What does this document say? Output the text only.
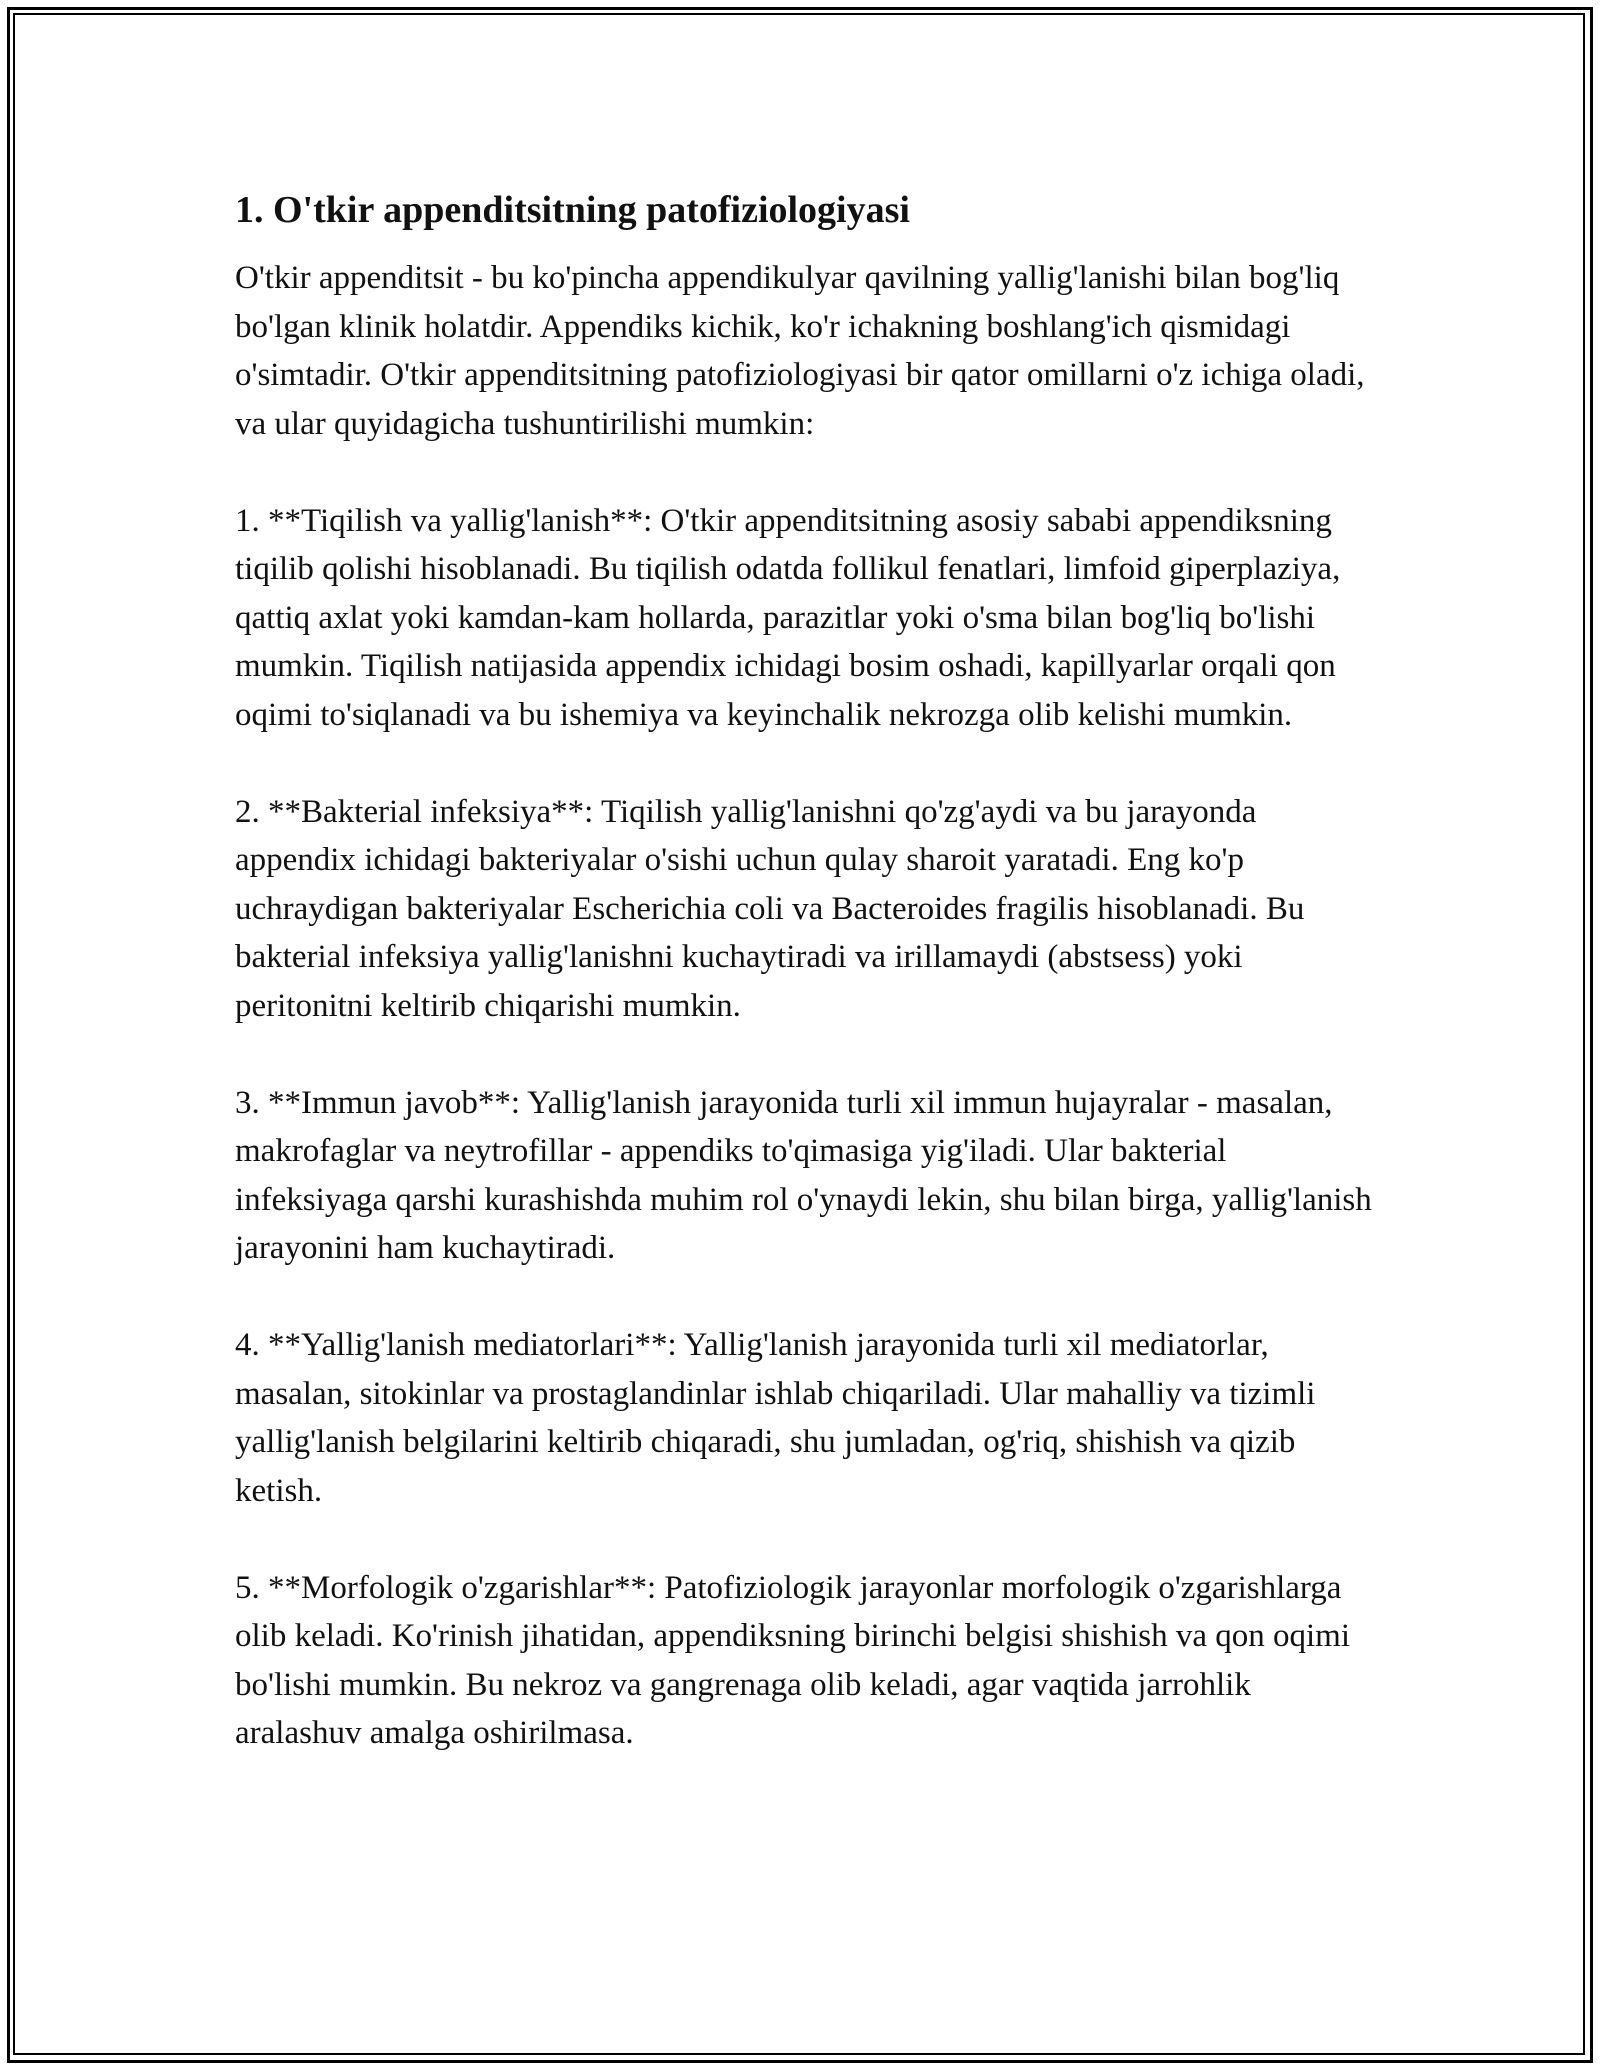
1. O'tkir appenditsitning patofiziologiyasi

O'tkir appenditsit - bu ko'pincha appendikulyar qavilning yallig'lanishi bilan bog'liq bo'lgan klinik holatdir. Appendiks kichik, ko'r ichakning boshlang'ich qismidagi o'simtadir. O'tkir appenditsitning patofiziologiyasi bir qator omillarni o'z ichiga oladi, va ular quyidagicha tushuntirilishi mumkin:

1. **Tiqilish va yallig'lanish**: O'tkir appenditsitning asosiy sababi appendiksning tiqilib qolishi hisoblanadi. Bu tiqilish odatda follikul fenatlari, limfoid giperplaziya, qattiq axlat yoki kamdan-kam hollarda, parazitlar yoki o'sma bilan bog'liq bo'lishi mumkin. Tiqilish natijasida appendix ichidagi bosim oshadi, kapillyarlar orqali qon oqimi to'siqlanadi va bu ishemiya va keyinchalik nekrozga olib kelishi mumkin.

2. **Bakterial infeksiya**: Tiqilish yallig'lanishni qo'zg'aydi va bu jarayonda appendix ichidagi bakteriyalar o'sishi uchun qulay sharoit yaratadi. Eng ko'p uchraydigan bakteriyalar Escherichia coli va Bacteroides fragilis hisoblanadi. Bu bakterial infeksiya yallig'lanishni kuchaytiradi va irillamaydi (abstsess) yoki peritonitni keltirib chiqarishi mumkin.

3. **Immun javob**: Yallig'lanish jarayonida turli xil immun hujayralar - masalan, makrofaglar va neytrofillar - appendiks to'qimasiga yig'iladi. Ular bakterial infeksiyaga qarshi kurashishda muhim rol o'ynaydi lekin, shu bilan birga, yallig'lanish jarayonini ham kuchaytiradi.

4. **Yallig'lanish mediatorlari**: Yallig'lanish jarayonida turli xil mediatorlar, masalan, sitokinlar va prostaglandinlar ishlab chiqariladi. Ular mahalliy va tizimli yallig'lanish belgilarini keltirib chiqaradi, shu jumladan, og'riq, shishish va qizib ketish.

5. **Morfologik o'zgarishlar**: Patofiziologik jarayonlar morfologik o'zgarishlarga olib keladi. Ko'rinish jihatidan, appendiksning birinchi belgisi shishish va qon oqimi bo'lishi mumkin. Bu nekroz va gangrenaga olib keladi, agar vaqtida jarrohlik aralashuv amalga oshirilmasa.
